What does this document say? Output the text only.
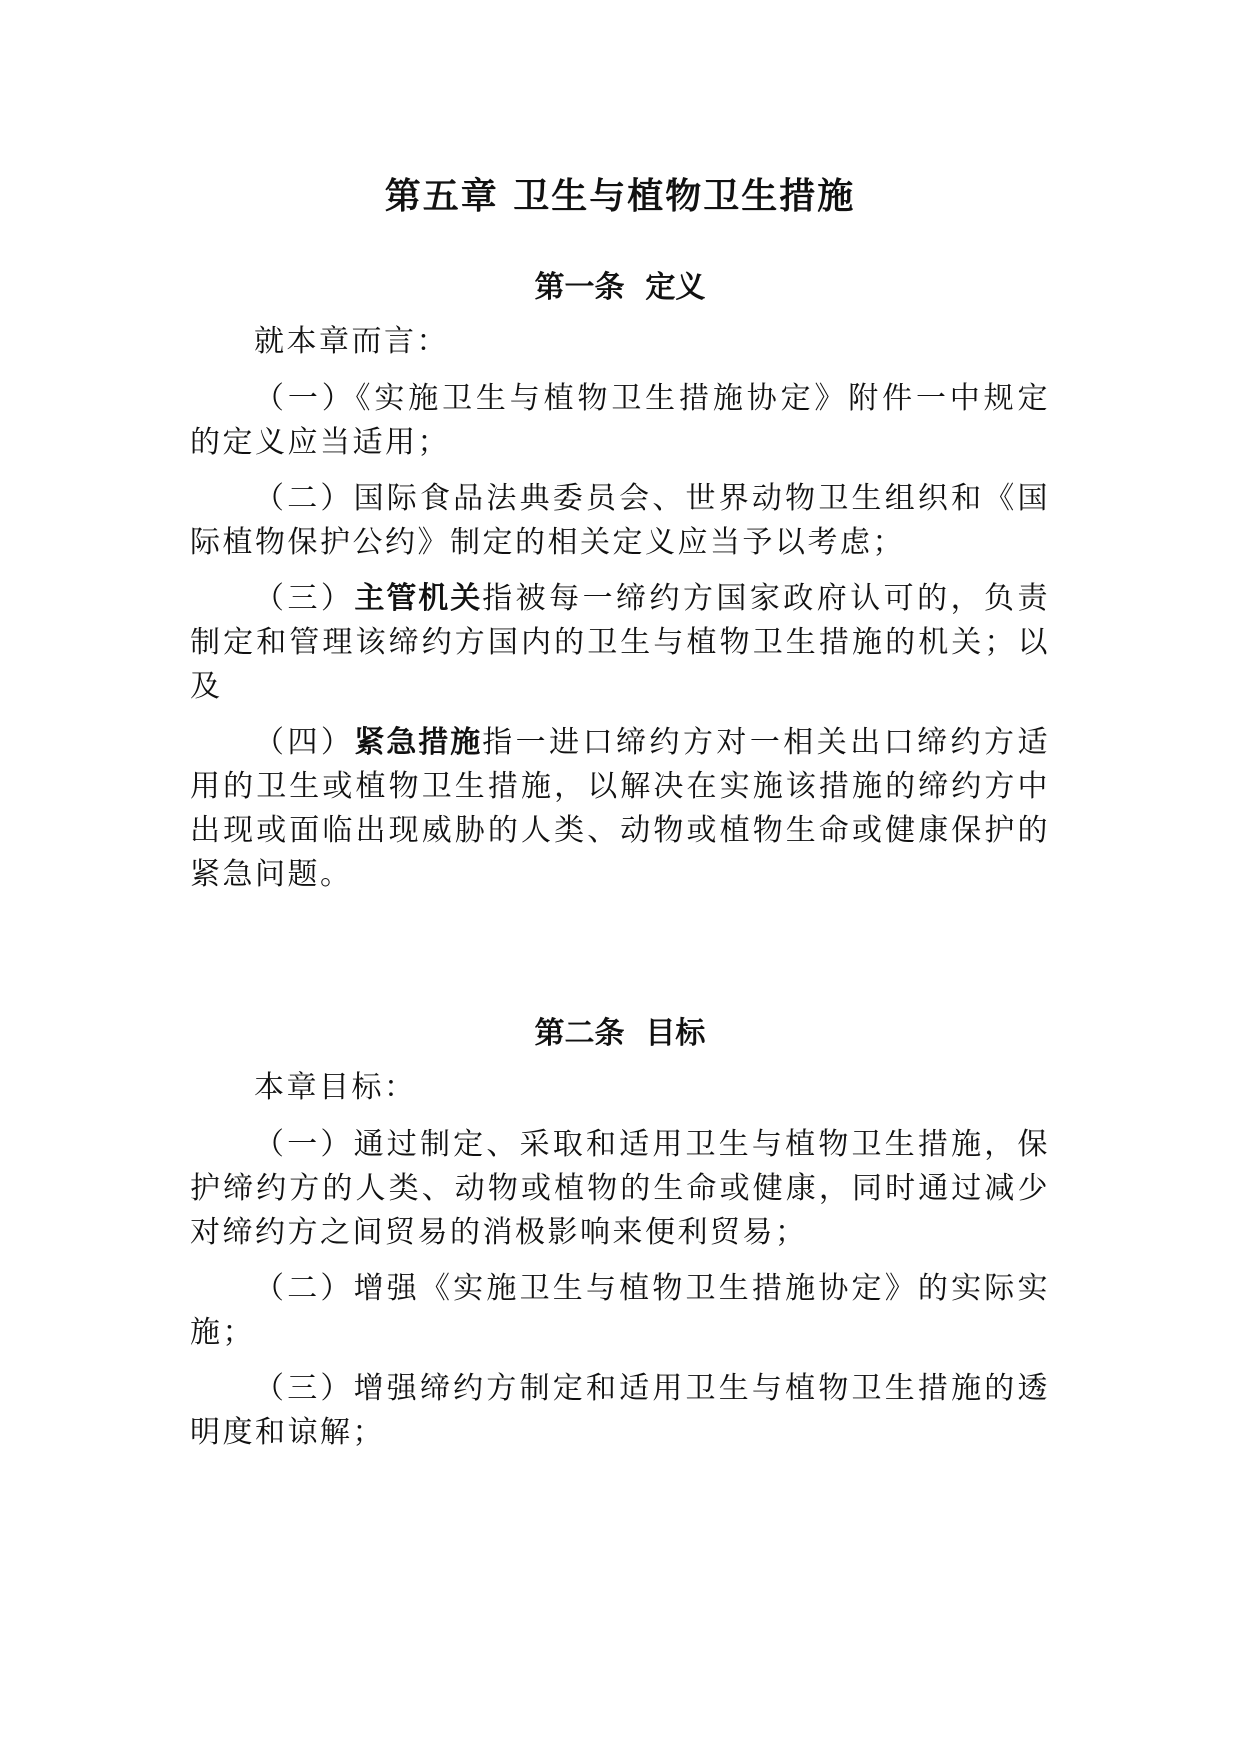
第五章 卫生与植物卫生措施
第一条  定义

就本章而言：

（一）《实施卫生与植物卫生措施协定》附件一中规定的定义应当适用；

（二）国际食品法典委员会、世界动物卫生组织和《国际植物保护公约》制定的相关定义应当予以考虑；

（三）主管机关指被每一缔约方国家政府认可的，负责制定和管理该缔约方国内的卫生与植物卫生措施的机关；以及

（四）紧急措施指一进口缔约方对一相关出口缔约方适用的卫生或植物卫生措施，以解决在实施该措施的缔约方中出现或面临出现威胁的人类、动物或植物生命或健康保护的紧急问题。

第二条  目标

本章目标：

（一）通过制定、采取和适用卫生与植物卫生措施，保护缔约方的人类、动物或植物的生命或健康，同时通过减少对缔约方之间贸易的消极影响来便利贸易；

（二）增强《实施卫生与植物卫生措施协定》的实际实施；

（三）增强缔约方制定和适用卫生与植物卫生措施的透明度和谅解；
